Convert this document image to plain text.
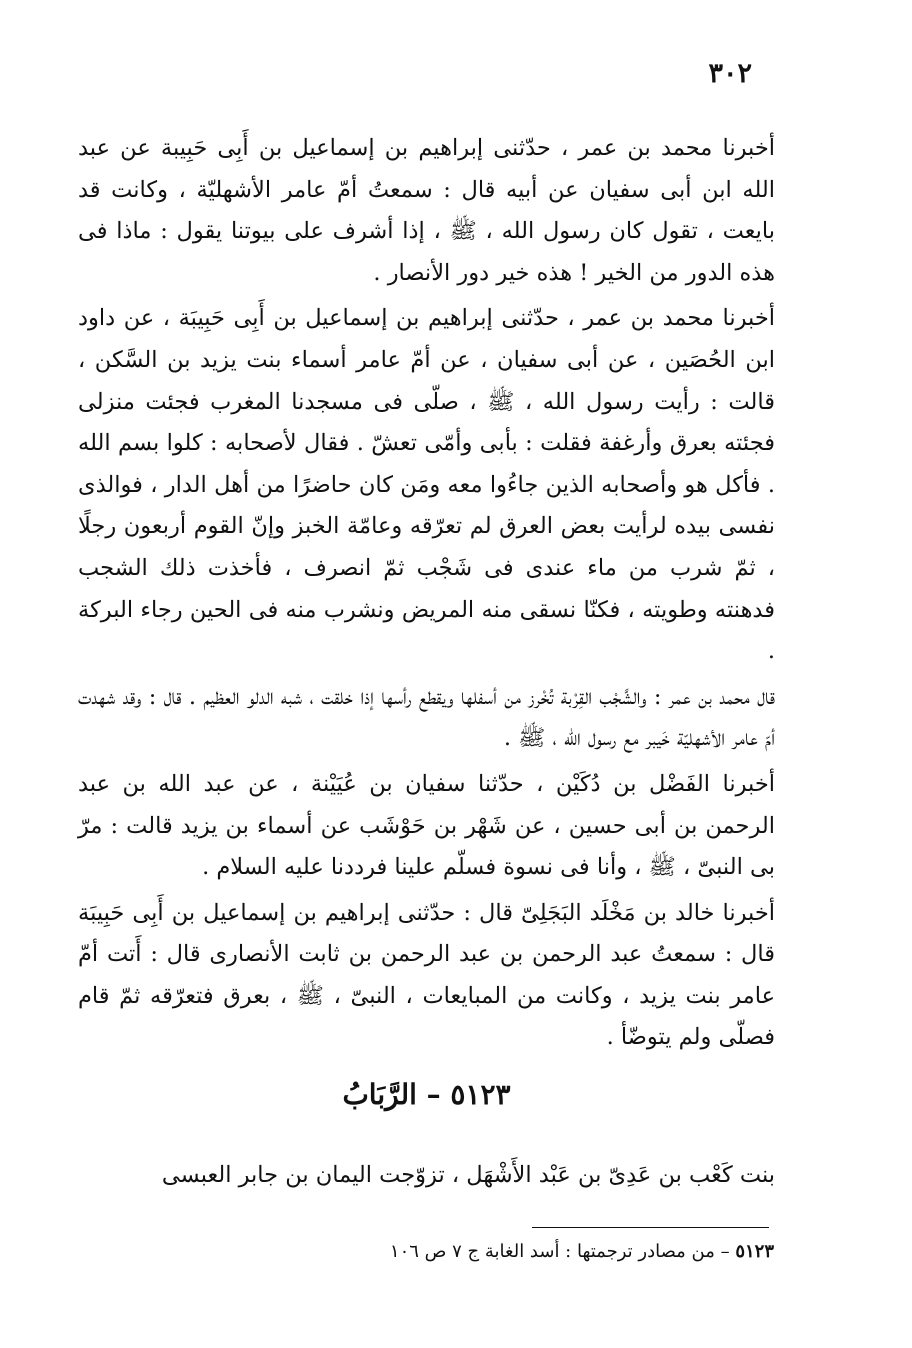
٣٠٢

أخبرنا محمد بن عمر ، حدّثنى إبراهيم بن إسماعيل بن أَبِى حَبِيبة عن عبد الله ابن أبى سفيان عن أبيه قال : سمعتُ أمّ عامر الأشهليّة ، وكانت قد بايعت ، تقول كان رسول الله ، ﷺ ، إذا أشرف على بيوتنا يقول : ماذا فى هذه الدور من الخير ! هذه خير دور الأنصار .

أخبرنا محمد بن عمر ، حدّثنى إبراهيم بن إسماعيل بن أَبِى حَبِيبَة ، عن داود ابن الحُصَين ، عن أبى سفيان ، عن أمّ عامر أسماء بنت يزيد بن السَّكن ، قالت : رأيت رسول الله ، ﷺ ، صلّى فى مسجدنا المغرب فجئت منزلى فجئته بعرق وأرغفة فقلت : بأبى وأمّى تعشّ . فقال لأصحابه : كلوا بسم الله . فأكل هو وأصحابه الذين جاءُوا معه ومَن كان حاضرًا من أهل الدار ، فوالذى نفسى بيده لرأيت بعض العرق لم تعرّقه وعامّة الخبز وإنّ القوم أربعون رجلًا ، ثمّ شرب من ماء عندى فى شَجْب ثمّ انصرف ، فأخذت ذلك الشجب فدهنته وطويته ، فكنّا نسقى منه المريض ونشرب منه فى الحين رجاء البركة .

قال محمد بن عمر : والشَّجْب القِرْبة تُخْرز من أسفلها ويقطع رأسها إذا خلقت ، شبه الدلو العظيم . قال : وقد شهدت أمّ عامر الأشهليّة خَيبر مع رسول الله ، ﷺ .

أخبرنا الفَضْل بن دُكَيْن ، حدّثنا سفيان بن عُيَيْنة ، عن عبد الله بن عبد الرحمن بن أبى حسين ، عن شَهْر بن حَوْشَب عن أسماء بن يزيد قالت : مرّ بى النبىّ ، ﷺ ، وأنا فى نسوة فسلّم علينا فرددنا عليه السلام .

أخبرنا خالد بن مَخْلَد البَجَلِىّ قال : حدّثنى إبراهيم بن إسماعيل بن أَبِى حَبِيبَة قال : سمعتُ عبد الرحمن بن عبد الرحمن بن ثابت الأنصارى قال : أَتت أمّ عامر بنت يزيد ، وكانت من المبايعات ، النبىّ ، ﷺ ، بعرق فتعرّقه ثمّ قام فصلّى ولم يتوضّأ .

٥١٢٣ – الرَّبَابُ
بنت كَعْب بن عَدِىّ بن عَبْد الأَشْهَل ، تزوّجت اليمان بن جابر العبسى
٥١٢٣ – من مصادر ترجمتها : أسد الغابة ج ٧ ص ١٠٦
